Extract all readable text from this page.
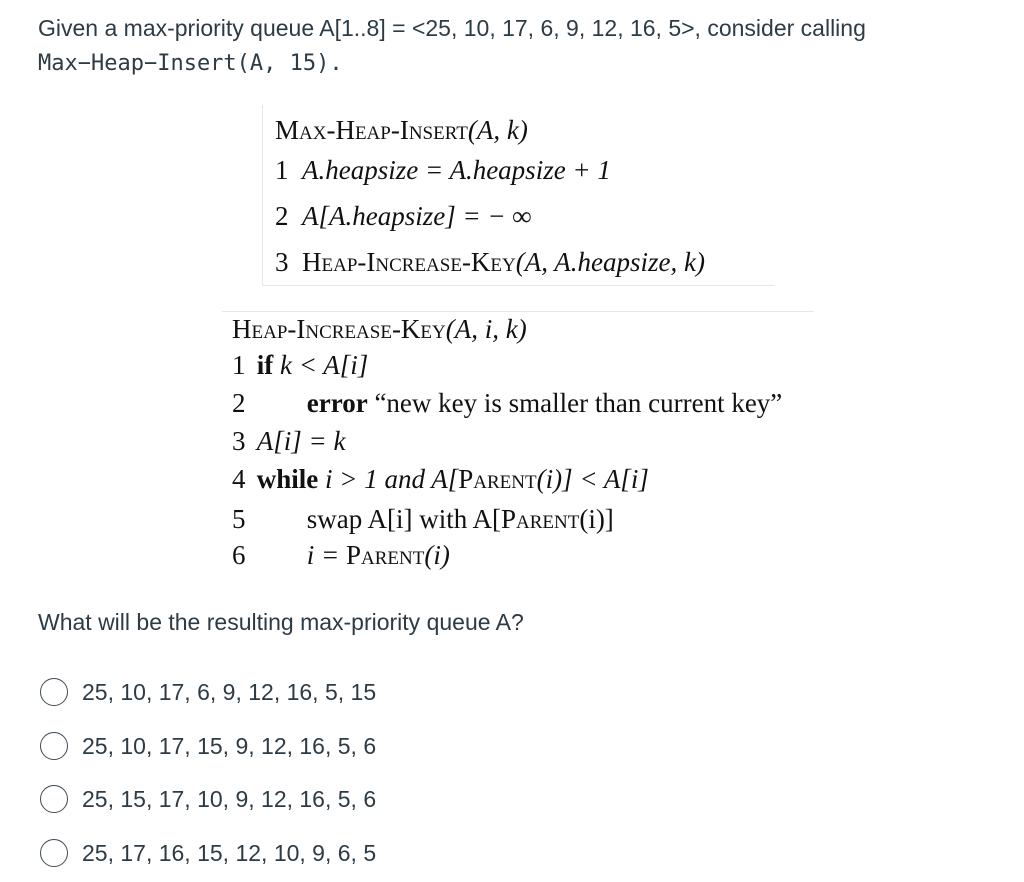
Given a max-priority queue A[1..8] = <25, 10, 17, 6, 9, 12, 16, 5>, consider calling
Max−Heap−Insert(A, 15).
Max-Heap-Insert(A, k)
1 A.heapsize = A.heapsize + 1
2 A[A.heapsize] = − ∞
3 Heap-Increase-Key(A, A.heapsize, k)
Heap-Increase-Key(A, i, k)
1 if k < A[i]
2 error “new key is smaller than current key”
3 A[i] = k
4 while i > 1 and A[Parent(i)] < A[i]
5 swap A[i] with A[Parent(i)]
6 i = Parent(i)
What will be the resulting max-priority queue A?
25, 10, 17, 6, 9, 12, 16, 5, 15
25, 10, 17, 15, 9, 12, 16, 5, 6
25, 15, 17, 10, 9, 12, 16, 5, 6
25, 17, 16, 15, 12, 10, 9, 6, 5
